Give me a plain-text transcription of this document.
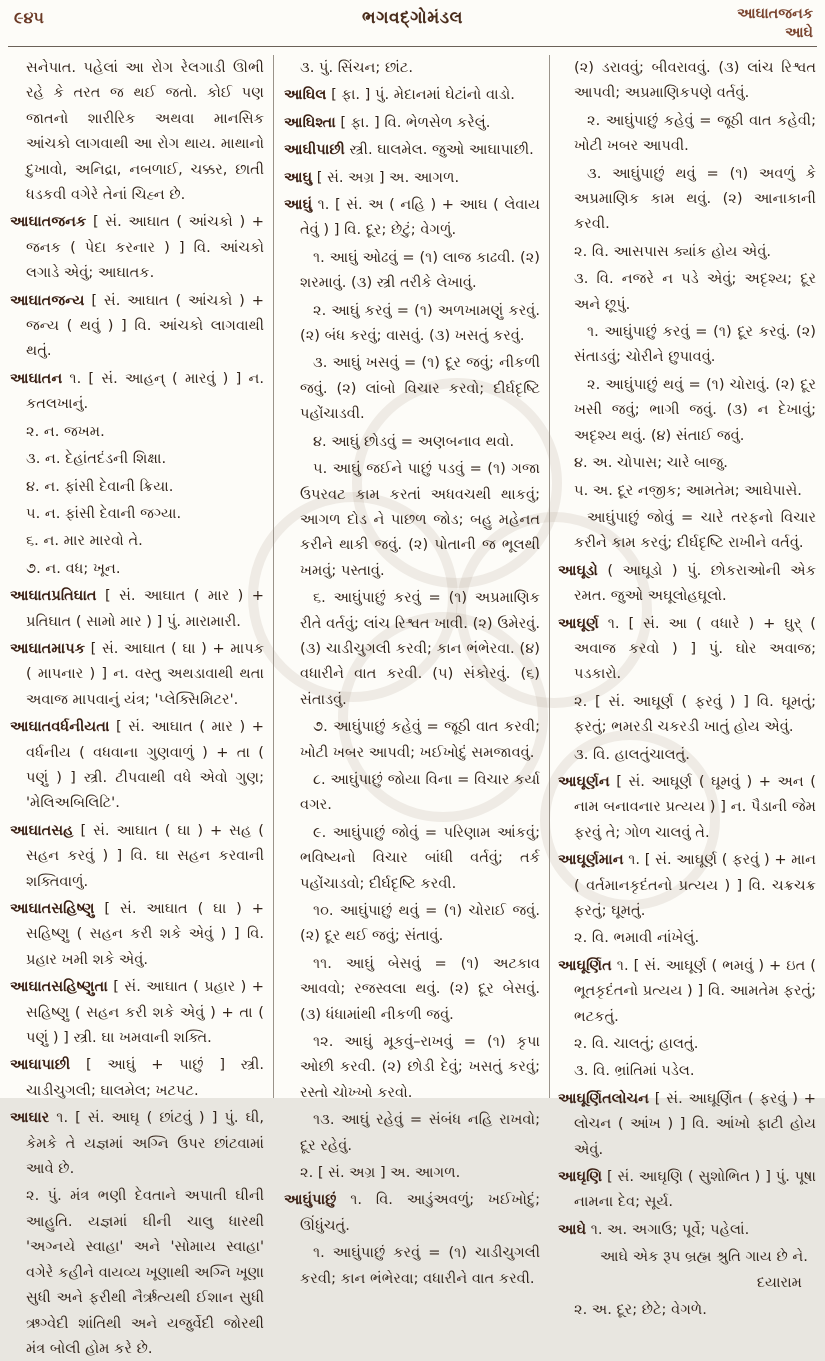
૯૪૫	ભગવદ્ગોમંડલ	આઘાતજનક
આઘે

સનેપાત. પહેલાં આ રોગ રેલગાડી ઊભી રહે કે તરત જ થઈ જતો. કોઈ પણ જાતનો શારીરિક અથવા માનસિક આંચકો લાગવાથી આ રોગ થાય. માથાનો દુખાવો, અનિદ્રા, નબળાઈ, ચક્કર, છાતી ધડકવી વગેરે તેનાં ચિહ્ન છે.

આઘાતજનક [ સં. આઘાત ( આંચકો ) + જનક ( પેદા કરનાર ) ] વિ. આંચકો લગાડે એવું; આઘાતક.

આઘાતજન્ય [ સં. આઘાત ( આંચકો ) + જન્ય ( થવું ) ] વિ. આંચકો લાગવાથી થતું.

આઘાતન ૧. [ સં. આહન્ ( મારવું ) ] ન. કતલખાનું.

૨. ન. જખમ.

૩. ન. દેહાંતદંડની શિક્ષા.

૪. ન. ફાંસી દેવાની ક્રિયા.

૫. ન. ફાંસી દેવાની જગ્યા.

૬. ન. માર મારવો તે.

૭. ન. વધ; ખૂન.

આઘાતપ્રતિઘાત [ સં. આઘાત ( માર ) + પ્રતિઘાત ( સામો માર ) ] પું. મારામારી.

આઘાતમાપક [ સં. આઘાત ( ઘા ) + માપક ( માપનાર ) ] ન. વસ્તુ અથડાવાથી થતા અવાજ માપવાનું યંત્ર; 'પ્લેક્સિમિટર'.

આઘાતવર્ધનીયતા [ સં. આઘાત ( માર ) + વર્ધનીય ( વધવાના ગુણવાળું ) + તા ( પણું ) ] સ્ત્રી. ટીપવાથી વધે એવો ગુણ; 'મેલિઅબિલિટિ'.

આઘાતસહ [ સં. આઘાત ( ઘા ) + સહ ( સહન કરવું ) ] વિ. ઘા સહન કરવાની શક્તિવાળું.

આઘાતસહિષ્ણુ [ સં. આઘાત ( ઘા ) + સહિષ્ણુ ( સહન કરી શકે એવું ) ] વિ. પ્રહાર ખમી શકે એવું.

આઘાતસહિષ્ણુતા [ સં. આઘાત ( પ્રહાર ) + સહિષ્ણુ ( સહન કરી શકે એવું ) + તા ( પણું ) ] સ્ત્રી. ઘા ખમવાની શક્તિ.

આઘાપાછી [ આઘું + પાછું ] સ્ત્રી. ચાડીચુગલી; ઘાલમેલ; ખટપટ.

આઘાર ૧. [ સં. આઘૃ ( છાંટવું ) ] પું. ઘી, કેમકે તે યજ્ઞમાં અગ્નિ ઉપર છાંટવામાં આવે છે.

૨. પું. મંત્ર ભણી દેવતાને અપાતી ઘીની આહુતિ. યજ્ઞમાં ઘીની ચાલુ ધારથી 'અગ્નયે સ્વાહા' અને 'સોમાય સ્વાહા' વગેરે કહીને વાયવ્ય ખૂણાથી અગ્નિ ખૂણા સુધી અને ફરીથી નૈર્ઋત્યથી ઈશાન સુધી ઋગ્વેદી શાંતિથી અને યજુર્વેદી જોરથી મંત્ર બોલી હોમ કરે છે.

૩. પું. સિંચન; છાંટ.

આઘિલ [ ફા. ] પું. મેદાનમાં ઘેટાંનો વાડો.

આઘિશ્તા [ ફા. ] વિ. ભેળસેળ કરેલું.

આઘીપાછી સ્ત્રી. ઘાલમેલ. જુઓ આઘાપાછી.

આઘુ [ સં. અગ્ર ] અ. આગળ.

આઘું ૧. [ સં. અ ( નહિ ) + આઘ ( લેવાય તેવું ) ] વિ. દૂર; છેટું; વેગળું.

૧. આઘું ઓઢવું = (૧) લાજ કાઢવી. (૨) શરમાવું. (૩) સ્ત્રી તરીકે લેખાવું.

૨. આઘું કરવું = (૧) અળખામણું કરવું. (૨) બંધ કરવું; વાસવું. (૩) ખસતું કરવું.

૩. આઘું ખસવું = (૧) દૂર જવું; નીકળી જવું. (૨) લાંબો વિચાર કરવો; દીર્ઘદૃષ્ટિ પહોંચાડવી.

૪. આઘું છોડવું = અણબનાવ થવો.

૫. આઘું જઈને પાછું પડવું = (૧) ગજા ઉપરવટ કામ કરતાં અધવચથી થાકવું; આગળ દોડ ને પાછળ જોડ; બહુ મહેનત કરીને થાકી જવું. (૨) પોતાની જ ભૂલથી ખમવું; પસ્તાવું.

૬. આઘુંપાછું કરવું = (૧) અપ્રમાણિક રીતે વર્તવું; લાંચ રિશ્વત ખાવી. (૨) ઉમેરવું. (૩) ચાડીચુગલી કરવી; કાન ભંભેરવા. (૪) વધારીને વાત કરવી. (૫) સંકોરવું. (૬) સંતાડવું.

૭. આઘુંપાછું કહેવું = જૂઠી વાત કરવી; ખોટી ખબર આપવી; ખઈખોદું સમજાવવું.

૮. આઘુંપાછું જોયા વિના = વિચાર કર્યા વગર.

૯. આઘુંપાછું જોવું = પરિણામ આંકવું; ભવિષ્યનો વિચાર બાંધી વર્તવું; તર્ક પહોંચાડવો; દીર્ઘદૃષ્ટિ કરવી.

૧૦. આઘુંપાછું થવું = (૧) ચોરાઈ જવું. (૨) દૂર થઈ જવું; સંતાવું.

૧૧. આઘું બેસવું = (૧) અટકાવ આવવો; રજસ્વલા થવું. (૨) દૂર બેસવું. (૩) ધંધામાંથી નીકળી જવું.

૧૨. આઘું મૂકવું–રાખવું = (૧) કૃપા ઓછી કરવી. (૨) છોડી દેવું; ખસતું કરવું; રસ્તો ચોખ્ખો કરવો.

૧૩. આઘું રહેવું = સંબંધ નહિ રાખવો; દૂર રહેવું.

૨. [ સં. અગ્ર ] અ. આગળ.

આઘુંપાછું ૧. વિ. આડુંઅવળું; ખઈખોદું; ઊંધુંચતું.

૧. આઘુંપાછું કરવું = (૧) ચાડીચુગલી કરવી; કાન ભંભેરવા; વધારીને વાત કરવી.

(૨) ડરાવવું; બીવરાવવું. (૩) લાંચ રિશ્વત આપવી; અપ્રમાણિકપણે વર્તવું.

૨. આઘુંપાછું કહેવું = જૂઠી વાત કહેવી; ખોટી ખબર આપવી.

૩. આઘુંપાછું થવું = (૧) અવળું કે અપ્રમાણિક કામ થવું. (૨) આનાકાની કરવી.

૨. વિ. આસપાસ ક્યાંક હોય એવું.

૩. વિ. નજરે ન પડે એવું; અદૃશ્ય; દૂર અને છૂપું.

૧. આઘુંપાછું કરવું = (૧) દૂર કરવું. (૨) સંતાડવું; ચોરીને છુપાવવું.

૨. આઘુંપાછું થવું = (૧) ચોરાવું. (૨) દૂર ખસી જવું; ભાગી જવું. (૩) ન દેખાવું; અદૃશ્ય થવું. (૪) સંતાઈ જવું.

૪. અ. ચોપાસ; ચારે બાજુ.

૫. અ. દૂર નજીક; આમતેમ; આઘેપાસે.

આઘુંપાછું જોવું = ચારે તરફનો વિચાર કરીને કામ કરવું; દીર્ઘદૃષ્ટિ રાખીને વર્તવું.

આઘૂડો ( આઘૂડો ) પું. છોકરાઓની એક રમત. જુઓ અઘૂલોહઘૂલો.

આઘૂર્ણ ૧. [ સં. આ ( વધારે ) + ઘુર્ ( અવાજ કરવો ) ] પું. ઘોર અવાજ; પડકારો.

૨. [ સં. આઘૂર્ણ ( ફરવું ) ] વિ. ઘૂમતું; ફરતું; ભમરડી ચકરડી ખાતું હોય એવું.

૩. વિ. હાલતુંચાલતું.

આઘૂર્ણન [ સં. આઘૂર્ણ ( ઘૂમવું ) + અન ( નામ બનાવનાર પ્રત્યય ) ] ન. પૈડાની જેમ ફરવું તે; ગોળ ચાલવું તે.

આઘૂર્ણમાન ૧. [ સં. આઘૂર્ણ ( ફરવું ) + માન ( વર્તમાનકૃદંતનો પ્રત્યય ) ] વિ. ચક્રચક્ર ફરતું; ઘૂમતું.

૨. વિ. ભમાવી નાંખેલું.

આઘૂર્ણિત ૧. [ સં. આઘૂર્ણ ( ભમવું ) + ઇત ( ભૂતકૃદંતનો પ્રત્યય ) ] વિ. આમતેમ ફરતું; ભટકતું.

૨. વિ. ચાલતું; હાલતું.

૩. વિ. ભ્રાંતિમાં પડેલ.

આઘૂર્ણિતલોચન [ સં. આઘૂર્ણિત ( ફરવું ) + લોચન ( આંખ ) ] વિ. આંખો ફાટી હોય એવું.

આઘૃણિ [ સં. આઘૃણિ ( સુશોભિત ) ] પું. પૂષા નામના દેવ; સૂર્ય.

આઘે ૧. અ. અગાઉ; પૂર્વે; પહેલાં.

આઘે એક રૂપ બ્રહ્મ શ્રુતિ ગાય છે ને.
દયારામ

૨. અ. દૂર; છેટે; વેગળે.
